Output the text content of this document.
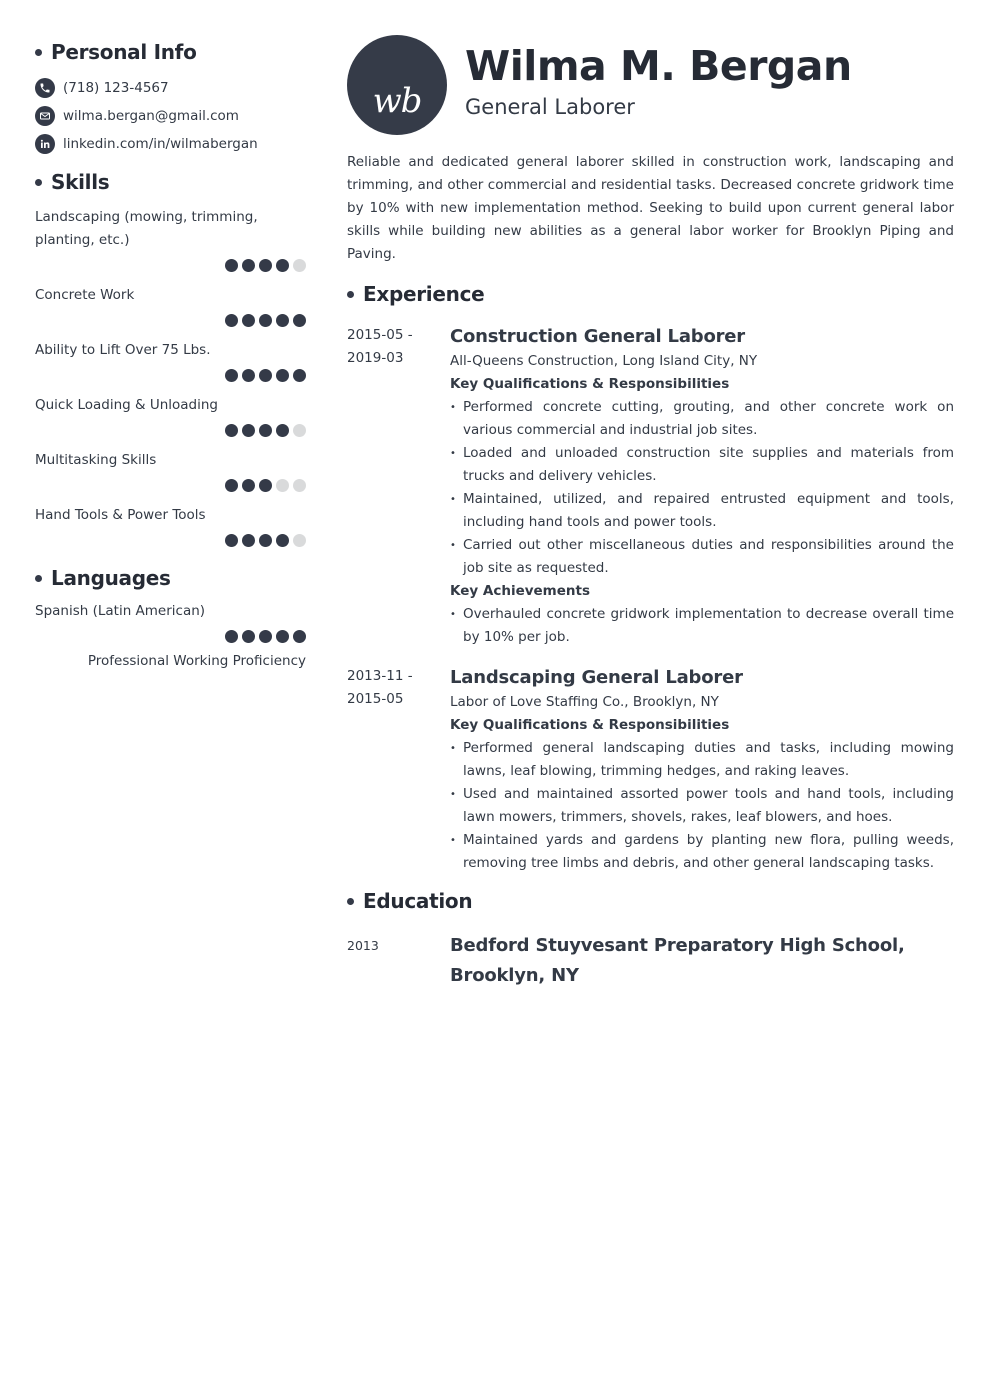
Personal Info
(718) 123-4567
wilma.bergan@gmail.com
linkedin.com/in/wilmabergan
Skills
Landscaping (mowing, trimming, planting, etc.)
Concrete Work
Ability to Lift Over 75 Lbs.
Quick Loading & Unloading
Multitasking Skills
Hand Tools & Power Tools
Languages
Spanish (Latin American)
Professional Working Proficiency
wb
Wilma M. Bergan
General Laborer

Reliable and dedicated general laborer skilled in construction work, landscaping and trimming, and other commercial and residential tasks. Decreased concrete gridwork time by 10% with new implementation method. Seeking to build upon current general labor skills while building new abilities as a general labor worker for Brooklyn Piping and Paving.

Experience
2015-05 -
2019-03
Construction General Laborer
All-Queens Construction, Long Island City, NY
Key Qualifications & Responsibilities
• Performed concrete cutting, grouting, and other concrete work on various commercial and industrial job sites.
• Loaded and unloaded construction site supplies and materials from trucks and delivery vehicles.
• Maintained, utilized, and repaired entrusted equipment and tools, including hand tools and power tools.
• Carried out other miscellaneous duties and responsibilities around the job site as requested.
Key Achievements
• Overhauled concrete gridwork implementation to decrease overall time by 10% per job.
2013-11 -
2015-05
Landscaping General Laborer
Labor of Love Staffing Co., Brooklyn, NY
Key Qualifications & Responsibilities
• Performed general landscaping duties and tasks, including mowing lawns, leaf blowing, trimming hedges, and raking leaves.
• Used and maintained assorted power tools and hand tools, including lawn mowers, trimmers, shovels, rakes, leaf blowers, and hoes.
• Maintained yards and gardens by planting new flora, pulling weeds, removing tree limbs and debris, and other general landscaping tasks.
Education
2013	Bedford Stuyvesant Preparatory High School, Brooklyn, NY
